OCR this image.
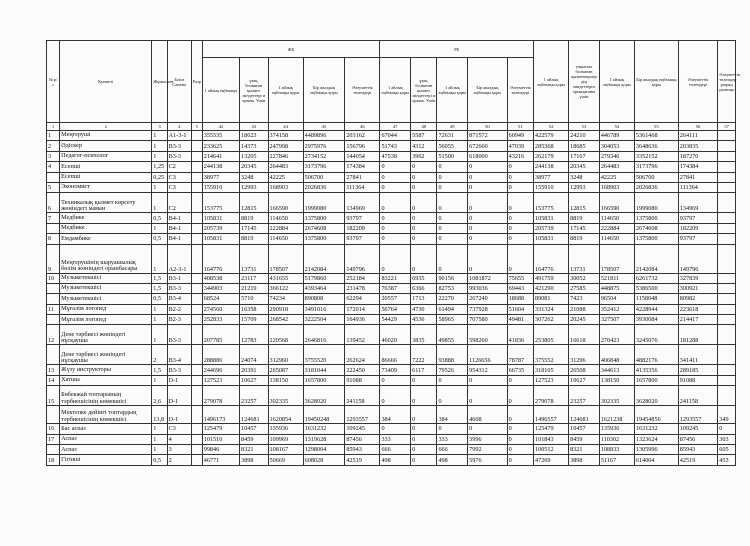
№ р/с	Қызметі	Жұмыспен	Білім Санаты	Разр	ЖБ					РБ					1 айлық еңбекақы қоры	уақытша болмаған қызметкерлер дің міндеттерін орындағаны үшін	1 айлық еңбекақы қоры	Бір жылдық еңбекақы қоры	Әлеуметтік төлемдері	Әлеуметтік төлемдер разряд разница
					1 айлық еңбекақы	ұзақ. болмаған қызмет. міндеттері и орына. Ушін	1 айлық еңбекақы қоры	Бір жылдық еңбекақы қоры	Әлеуметтік төлемдері	1 айлық еңбекақы қоры	ұзақ. болмаған қызмет. міндеттері и орына. Ушін	1 айлық еңбекақы қоры	Бір жылдық еңбекақы қоры	Әлеуметтік төлемдері						
1	2	3	4	5	42	43	44	45	46	47	48	49	50	51	52	53	54	55	56	57
1	Меңгеруші	1	А1-3-1		355535	18623	374158	4489896	203162	67044	5587	72631	871572	60949	422579	24210	446789	5361468	264111	
2	Әдіскер	1	В3-3		233625	14373	247998	2975976	156796	51743	4312	56055	672660	47039	285368	18685	304053	3648636	203835	
3	Педагог-психолог	1	В3-3		214641	13205	227846	2734152	144054	47538	3962	51500	618000	43216	262179	17167	279346	3352152	187270	
4	Есепші	1,25	С2		244138	20345	264483	3173796	174384	0	0	0	0	0	244138	20345	264483	3173796	174384	
	Есепші	0,25	С3		38977	3248	42225	506700	27841	0	0	0	0	0	38977	3248	42225	506700	27841	
5	Экономист	1	С3		155910	12993	168903	2026836	111364	0	0	0	0	0	155910	12993	168903	2026836	111364	
6	Техникалық қызмет көрсету жөніндегі маман	1	С2		153775	12815	166590	1999080	134969	0	0	0	0	0	153775	12815	166590	1999080	134969	
7	Медбике	0,5	В4-1		105831	8819	114650	1375800	93797	0	0	0	0	0	105831	8819	114650	1375800	93797	
	Медбике .	1	В4-1		205739	17145	222884	2674608	182209	0	0	0	0	0	205739	17145	222884	2674608	182209	
8	Емдамбике	0,5	В4-1		105831	8819	114650	1375800	93797	0	0	0	0	0	105831	8819	114650	1375800	93797	
9	Меңгерушінің шаруашылық бөлім жөніндегі орынбасары	1	А2-3-1		164776	13731	178507	2142084	149796	0	0	0	0	0	164776	13731	178507	2142084	149796	
10	Музыкетекшісі	1,5	В3-1		408538	23117	431655	5179860	252184	83221	6935	90156	1081872	75655	491759	30052	521811	6261732	327839	
	Музыкетекшісі	1,5	В3-3		344903	21219	366122	4393464	231478	76387	6366	82753	993036	69443	421290	27585	448875	5386500	300921	
	Музыкетекшісі	0,5	В3-4		68524	5710	74234	890808	62294	20557	1713	22270	267240	18688	89081	7423	96504	1158048	80982	
11	Мұғалім логопед	1	В2-2		274560	16358	290918	3491016	172014	56764	4730	61494	737928	51604	331324	21088	352412	4228944	223618	
	Мұғалім логопед	1	В2-3		252833	15709	268542	3222504	164936	54429	4536	58965	707580	49481	307262	20245	327507	3930084	214417	
12	Дене тәрбиесі жөніндегі нұсқаушы	1	В3-3		207785	12783	220568	2646816	139452	46020	3835	49855	598260	41836	253805	16618	270423	3245076	181288	
	Дене тәрбиесі жөніндегі нұсқаушы	2	В3-4		288886	24074	312960	3755520	262624	86666	7222	93888	1126656	78787	375552	31296	406848	4882176	341411	
13	Жүзу инструкторы	1,5	В3-3		244696	20391	265087	3181044	222450	73409	6117	79526	954312	66735	318105	26508	344613	4135356	289185	
14	Хатшы	1	D-1		127523	10627	138150	1657800	91088	0	0	0	0	0	127523	10627	138150	1657800	91088	
15	Бөбекжай топтарының тәрбиешісінің көмекшісі	2,6	D-1		279078	23257	302335	3628020	241158	0	0	0	0	0	279078	23257	302335	3628020	241158	
	Мектепке дейінгі топтардың тәрбиешісінің көмекшісі	13,8	D-1		1496173	124681	1620854	19450248	1293557	384	0	384	4608	0	1496557	124681	1621238	19454856	1293557	349
16	Бас аспаз	1	С3		125479	10457	135936	1631232	109245	0	0	0	0	0	125479	10457	135936	1631232	109245	0
17	Аспаз	1	4		101510	8459	109969	1319628	87456	333	0	333	3996	0	101843	8459	110302	1323624	87456	303
	Аспаз	1	3		99846	8321	108167	1298004	85943	666	0	666	7992	0	100512	8321	108833	1305996	85943	605
18	Гігінші	0,5	2		46771	3898	50669	608028	42519	498	0	498	5976	0	47269	3898	51167	614004	42519	453
